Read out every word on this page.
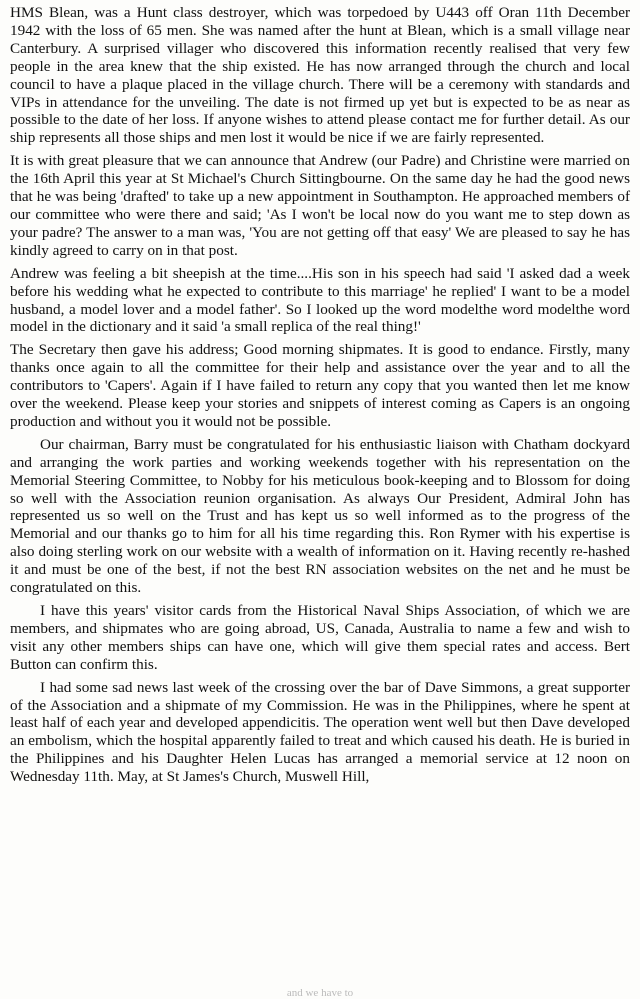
HMS Blean, was a Hunt class destroyer, which was torpedoed by U443 off Oran 11th December 1942 with the loss of 65 men. She was named after the hunt at Blean, which is a small village near Canterbury. A surprised villager who discovered this information recently realised that very few people in the area knew that the ship existed. He has now arranged through the church and local council to have a plaque placed in the village church. There will be a ceremony with standards and VIPs in attendance for the unveiling. The date is not firmed up yet but is expected to be as near as possible to the date of her loss. If anyone wishes to attend please contact me for further detail. As our ship represents all those ships and men lost it would be nice if we are fairly represented.

It is with great pleasure that we can announce that Andrew (our Padre) and Christine were married on the 16th April this year at St Michael's Church Sittingbourne. On the same day he had the good news that he was being 'drafted' to take up a new appointment in Southampton. He approached members of our committee who were there and said; 'As I won't be local now do you want me to step down as your padre? The answer to a man was, 'You are not getting off that easy' We are pleased to say he has kindly agreed to carry on in that post.

Andrew was feeling a bit sheepish at the time....His son in his speech had said 'I asked dad a week before his wedding what he expected to contribute to this marriage' he replied' I want to be a model husband, a model lover and a model father'. So I looked up the word modelthe word modelthe word model in the dictionary and it said 'a small replica of the real thing!'

The Secretary then gave his address; Good morning shipmates. It is good to endance. Firstly, many thanks once again to all the committee for their help and assistance over the year and to all the contributors to 'Capers'. Again if I have failed to return any copy that you wanted then let me know over the weekend. Please keep your stories and snippets of interest coming as Capers is an ongoing production and without you it would not be possible.

Our chairman, Barry must be congratulated for his enthusiastic liaison with Chatham dockyard and arranging the work parties and working weekends together with his representation on the Memorial Steering Committee, to Nobby for his meticulous book-keeping and to Blossom for doing so well with the Association reunion organisation. As always Our President, Admiral John has represented us so well on the Trust and has kept us so well informed as to the progress of the Memorial and our thanks go to him for all his time regarding this. Ron Rymer with his expertise is also doing sterling work on our website with a wealth of information on it. Having recently re-hashed it and must be one of the best, if not the best RN association websites on the net and he must be congratulated on this.

I have this years' visitor cards from the Historical Naval Ships Association, of which we are members, and shipmates who are going abroad, US, Canada, Australia to name a few and wish to visit any other members ships can have one, which will give them special rates and access. Bert Button can confirm this.

I had some sad news last week of the crossing over the bar of Dave Simmons, a great supporter of the Association and a shipmate of my Commission. He was in the Philippines, where he spent at least half of each year and developed appendicitis. The operation went well but then Dave developed an embolism, which the hospital apparently failed to treat and which caused his death. He is buried in the Philippines and his Daughter Helen Lucas has arranged a memorial service at 12 noon on Wednesday 11th. May, at St James's Church, Muswell Hill,

and we have to
